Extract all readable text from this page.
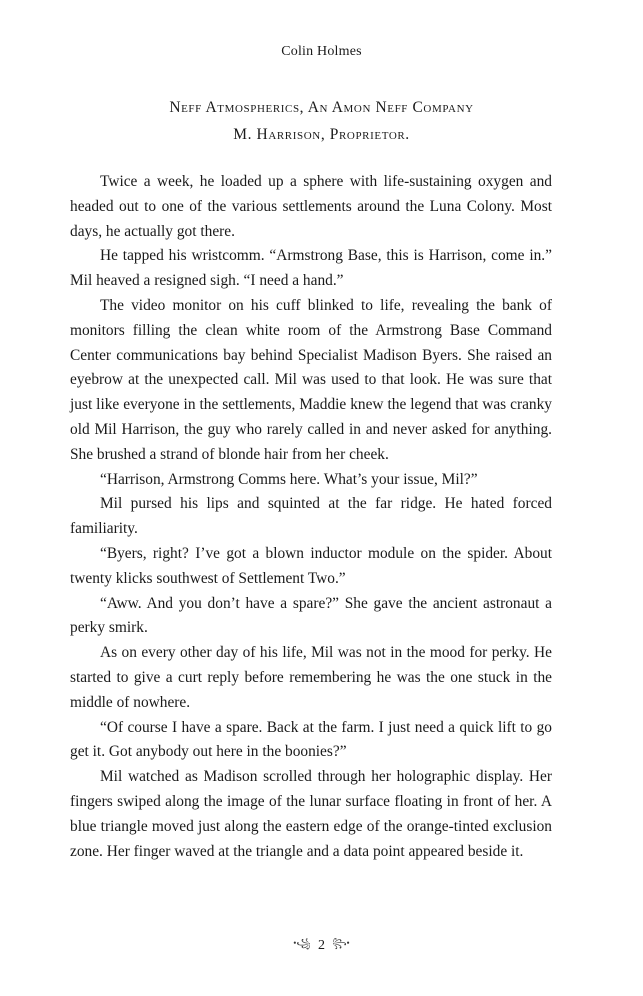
Colin Holmes
Neff Atmospherics, An Amon Neff Company
M. Harrison, Proprietor.

Twice a week, he loaded up a sphere with life-sustaining oxygen and headed out to one of the various settlements around the Luna Colony. Most days, he actually got there.

He tapped his wristcomm. “Armstrong Base, this is Harrison, come in.” Mil heaved a resigned sigh. “I need a hand.”

The video monitor on his cuff blinked to life, revealing the bank of monitors filling the clean white room of the Armstrong Base Command Center communications bay behind Specialist Madison Byers. She raised an eyebrow at the unexpected call. Mil was used to that look. He was sure that just like everyone in the settlements, Maddie knew the legend that was cranky old Mil Harrison, the guy who rarely called in and never asked for anything. She brushed a strand of blonde hair from her cheek.

“Harrison, Armstrong Comms here. What’s your issue, Mil?”

Mil pursed his lips and squinted at the far ridge. He hated forced familiarity.

“Byers, right? I’ve got a blown inductor module on the spider. About twenty klicks southwest of Settlement Two.”

“Aww. And you don’t have a spare?” She gave the ancient astronaut a perky smirk.

As on every other day of his life, Mil was not in the mood for perky. He started to give a curt reply before remembering he was the one stuck in the middle of nowhere.

“Of course I have a spare. Back at the farm. I just need a quick lift to go get it. Got anybody out here in the boonies?”

Mil watched as Madison scrolled through her holographic display. Her fingers swiped along the image of the lunar surface floating in front of her. A blue triangle moved just along the eastern edge of the orange-tinted exclusion zone. Her finger waved at the triangle and a data point appeared beside it.

•꧁ 2 ꧂•
